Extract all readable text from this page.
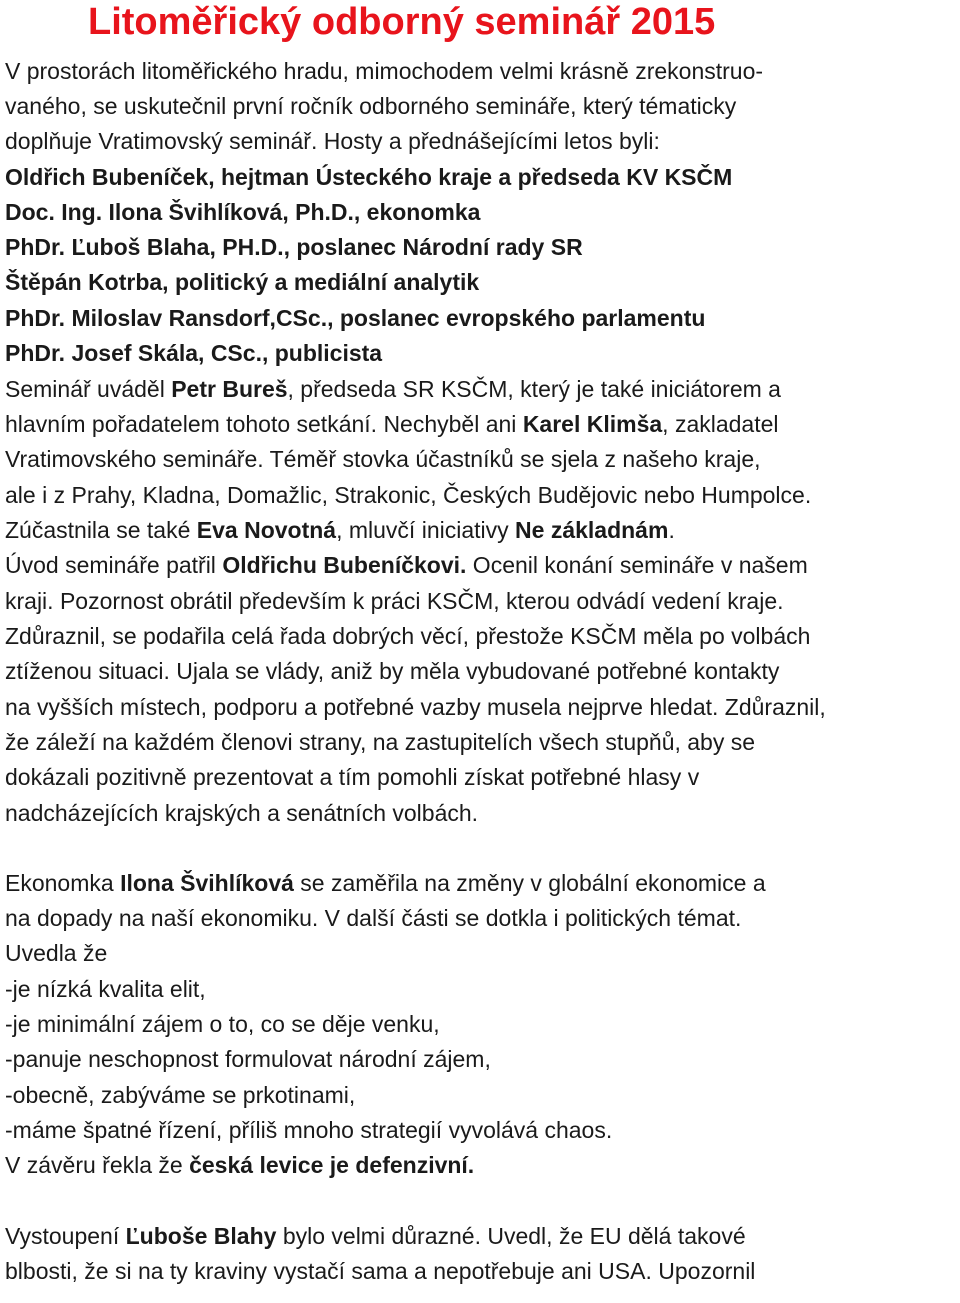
Litoměřický odborný seminář 2015
V prostorách litoměřického hradu, mimochodem velmi krásně zrekonstruo-
vaného, se uskutečnil první ročník odborného semináře, který tématicky
doplňuje Vratimovský seminář. Hosty a přednášejícími letos byli:
Oldřich Bubeníček, hejtman Ústeckého kraje a předseda KV KSČM
Doc. Ing. Ilona Švihlíková, Ph.D., ekonomka
PhDr. Ľuboš Blaha, PH.D., poslanec Národní rady SR
Štěpán Kotrba, politický a mediální analytik
PhDr. Miloslav Ransdorf,CSc., poslanec evropského parlamentu
PhDr. Josef Skála, CSc., publicista
Seminář uváděl Petr Bureš, předseda SR KSČM, který je také iniciátorem a
hlavním pořadatelem tohoto setkání. Nechyběl ani Karel Klimša, zakladatel
Vratimovského semináře. Téměř stovka účastníků se sjela z našeho kraje,
ale i z Prahy, Kladna, Domažlic, Strakonic, Českých Budějovic nebo Humpolce.
Zúčastnila se také Eva Novotná, mluvčí iniciativy Ne základnám.
Úvod semináře patřil Oldřichu Bubeníčkovi. Ocenil konání semináře v našem
kraji. Pozornost obrátil především k práci KSČM, kterou odvádí vedení kraje.
Zdůraznil, se podařila celá řada dobrých věcí, přestože KSČM měla po volbách
ztíženou situaci. Ujala se vlády, aniž by měla vybudované potřebné kontakty
na vyšších místech, podporu a potřebné vazby musela nejprve hledat. Zdůraznil,
že záleží na každém členovi strany, na zastupitelích všech stupňů, aby se
dokázali pozitivně prezentovat a tím pomohli získat potřebné hlasy v
nadcházejících krajských a senátních volbách.
Ekonomka Ilona Švihlíková se zaměřila na změny v globální ekonomice a
na dopady na naší ekonomiku. V další části se dotkla i politických témat.
Uvedla že
-je nízká kvalita elit,
-je minimální zájem o to, co se děje venku,
-panuje neschopnost formulovat národní zájem,
-obecně, zabýváme se prkotinami,
-máme špatné řízení, příliš mnoho strategií vyvolává chaos.
V závěru řekla že česká levice je defenzivní.
Vystoupení Ľuboše Blahy bylo velmi důrazné. Uvedl, že EU dělá takové
blbosti, že si na ty kraviny vystačí sama a nepotřebuje ani USA. Upozornil
